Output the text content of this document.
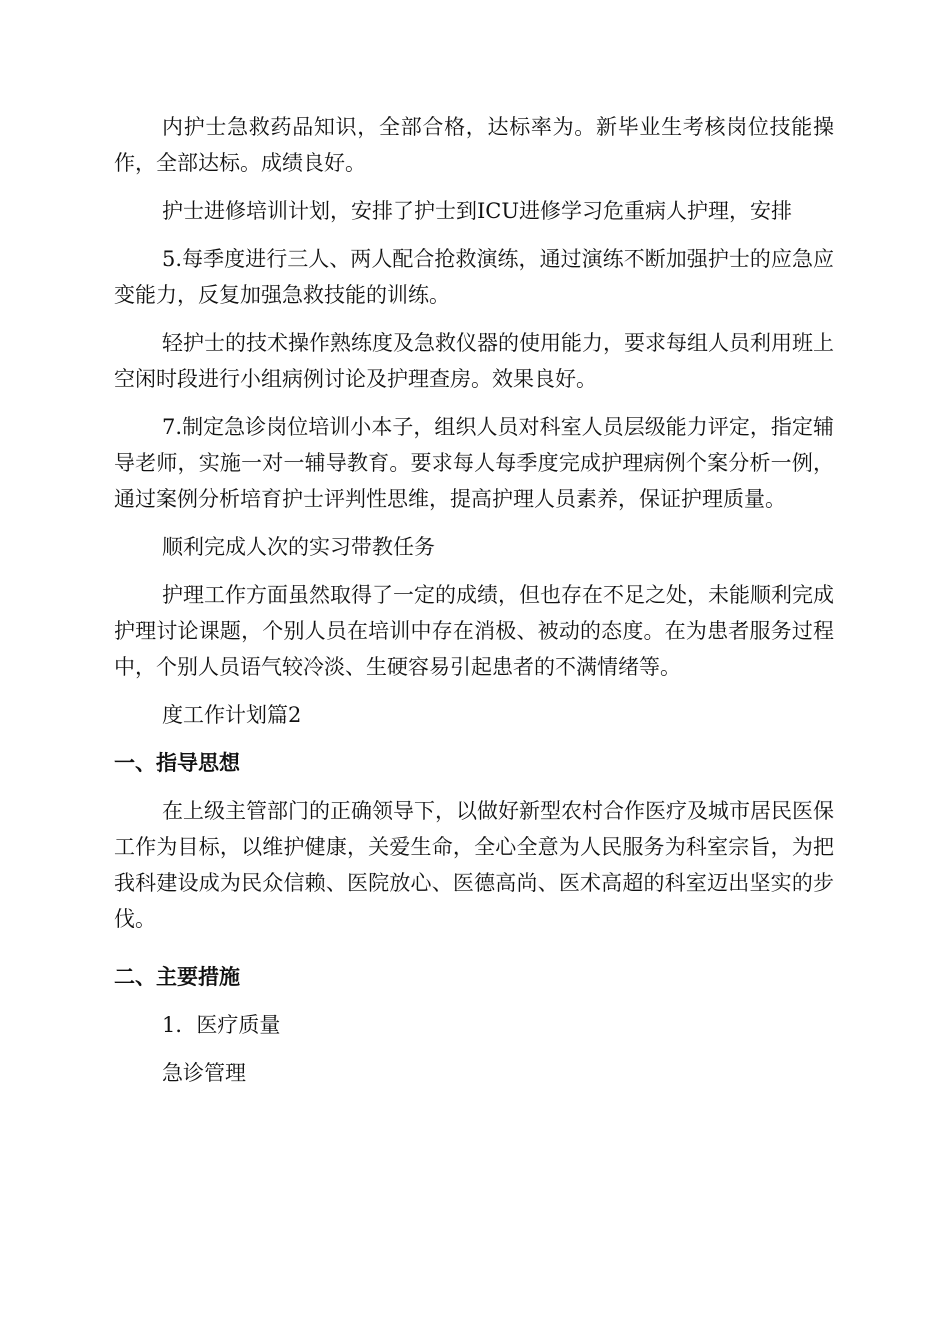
内护士急救药品知识，全部合格，达标率为。新毕业生考核岗位技能操作，全部达标。成绩良好。

护士进修培训计划，安排了护士到ICU进修学习危重病人护理，安排

5.每季度进行三人、两人配合抢救演练，通过演练不断加强护士的应急应变能力，反复加强急救技能的训练。

轻护士的技术操作熟练度及急救仪器的使用能力，要求每组人员利用班上空闲时段进行小组病例讨论及护理查房。效果良好。

7.制定急诊岗位培训小本子，组织人员对科室人员层级能力评定，指定辅导老师，实施一对一辅导教育。要求每人每季度完成护理病例个案分析一例，通过案例分析培育护士评判性思维，提高护理人员素养，保证护理质量。

顺利完成人次的实习带教任务

护理工作方面虽然取得了一定的成绩，但也存在不足之处，未能顺利完成护理讨论课题，个别人员在培训中存在消极、被动的态度。在为患者服务过程中，个别人员语气较冷淡、生硬容易引起患者的不满情绪等。

度工作计划篇2

一、指导思想

在上级主管部门的正确领导下，以做好新型农村合作医疗及城市居民医保工作为目标，以维护健康，关爱生命，全心全意为人民服务为科室宗旨，为把我科建设成为民众信赖、医院放心、医德高尚、医术高超的科室迈出坚实的步伐。

二、主要措施

1．医疗质量

急诊管理
